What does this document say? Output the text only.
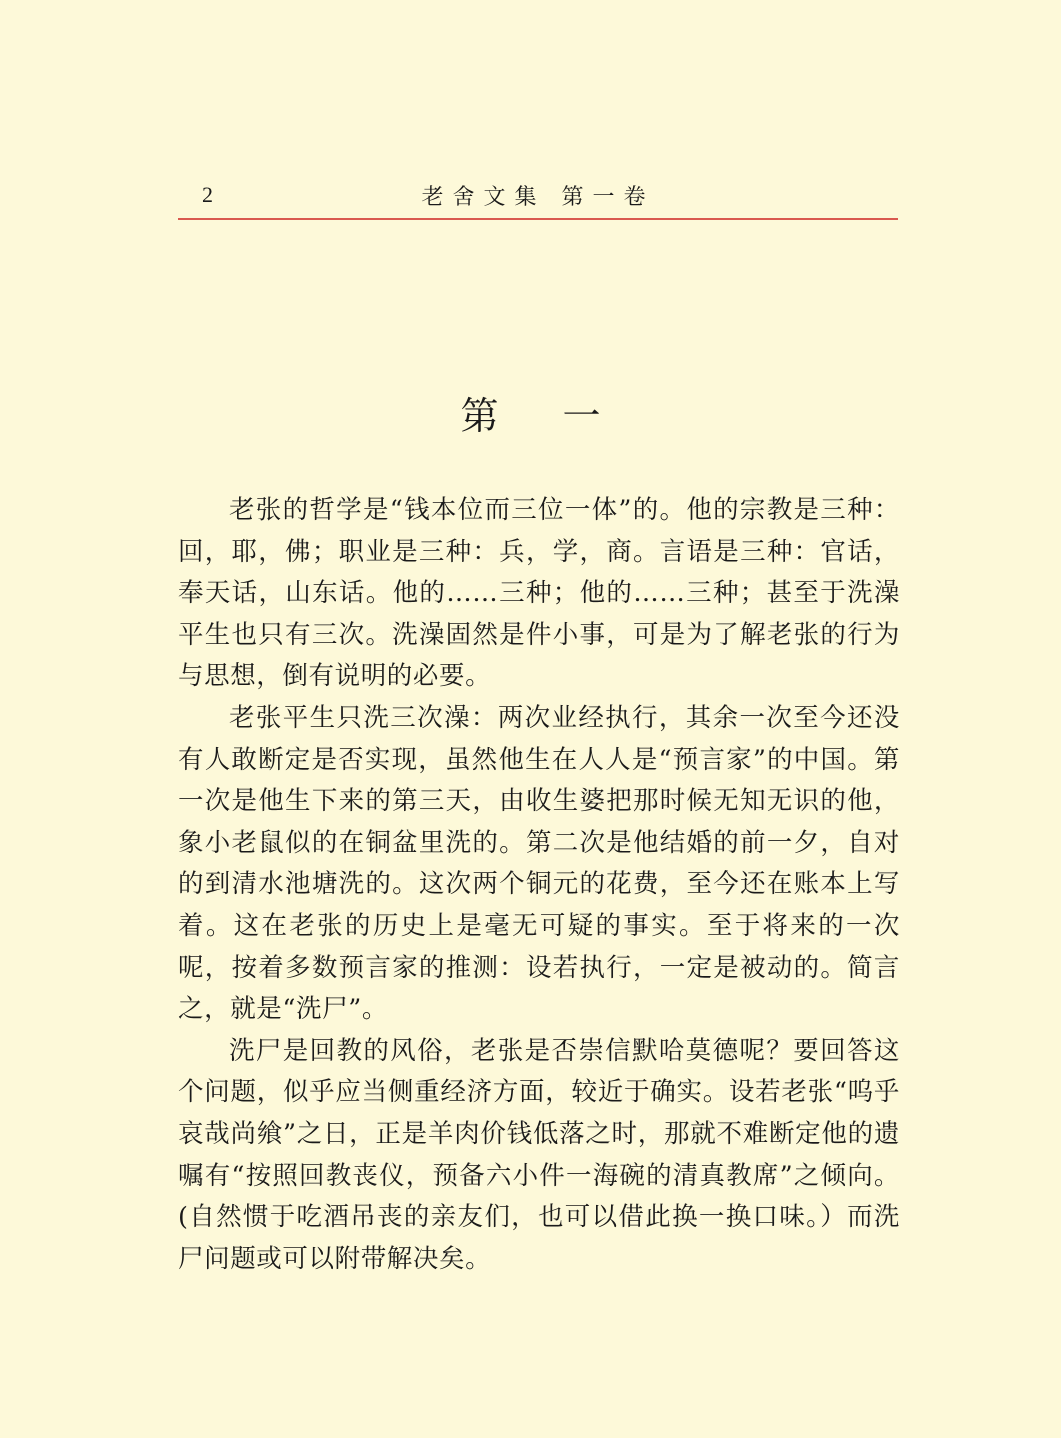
2	老舍文集 第一卷
第 一

老张的哲学是“钱本位而三位一体”的。他的宗教是三种：回，耶，佛；职业是三种：兵，学，商。言语是三种：官话，奉天话，山东话。他的……三种；他的……三种；甚至于洗澡平生也只有三次。洗澡固然是件小事，可是为了解老张的行为与思想，倒有说明的必要。

老张平生只洗三次澡：两次业经执行，其余一次至今还没有人敢断定是否实现，虽然他生在人人是“预言家”的中国。第一次是他生下来的第三天，由收生婆把那时候无知无识的他，象小老鼠似的在铜盆里洗的。第二次是他结婚的前一夕，自对的到清水池塘洗的。这次两个铜元的花费，至今还在账本上写着。这在老张的历史上是毫无可疑的事实。至于将来的一次呢，按着多数预言家的推测：设若执行，一定是被动的。简言之，就是“洗尸”。

洗尸是回教的风俗，老张是否崇信默哈莫德呢？要回答这个问题，似乎应当侧重经济方面，较近于确实。设若老张“呜乎哀哉尚飨”之日，正是羊肉价钱低落之时，那就不难断定他的遗嘱有“按照回教丧仪，预备六小件一海碗的清真教席”之倾向。(自然惯于吃酒吊丧的亲友们，也可以借此换一换口味。）而洗尸问题或可以附带解决矣。
